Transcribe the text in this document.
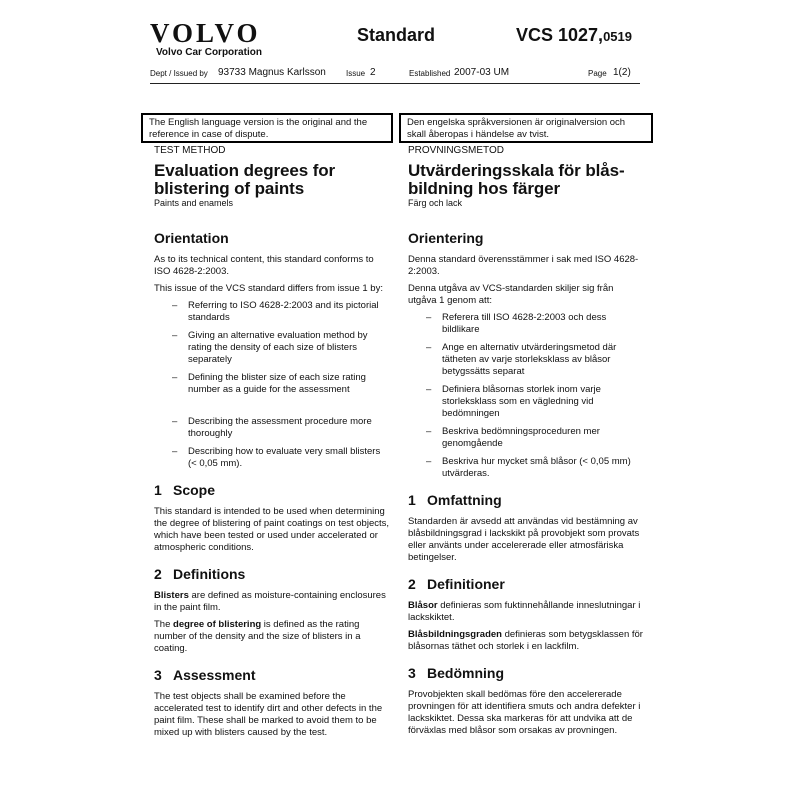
VOLVO
Volvo Car Corporation
Standard	VCS 1027,0519
Dept / Issued by 93733 Magnus Karlsson	Issue 2	Established 2007-03 UM	Page 1(2)
The English language version is the original and the reference in case of dispute.
Den engelska språkversionen är originalversion och skall åberopas i händelse av tvist.
TEST METHOD
Evaluation degrees for blistering of paints
Paints and enamels
Orientation

As to its technical content, this standard conforms to ISO 4628-2:2003.

This issue of the VCS standard differs from issue 1 by:

– Referring to ISO 4628-2:2003 and its pictorial standards
– Giving an alternative evaluation method by rating the density of each size of blisters separately
– Defining the blister size of each size rating number as a guide for the assessment
– Describing the assessment procedure more thoroughly
– Describing how to evaluate very small blisters (< 0,05 mm).
1 Scope

This standard is intended to be used when determining the degree of blistering of paint coatings on test objects, which have been tested or used under accelerated or atmospheric conditions.

2 Definitions

Blisters are defined as moisture-containing enclosures in the paint film.

The degree of blistering is defined as the rating number of the density and the size of blisters in a coating.

3 Assessment

The test objects shall be examined before the accelerated test to identify dirt and other defects in the paint film. These shall be marked to avoid them to be mixed up with blisters caused by the test.

PROVNINGSMETOD
Utvärderingsskala för blåsbildning hos färger
Färg och lack
Orientering

Denna standard överensstämmer i sak med ISO 4628-2:2003.

Denna utgåva av VCS-standarden skiljer sig från utgåva 1 genom att:

– Referera till ISO 4628-2:2003 och dess bildlikare
– Ange en alternativ utvärderingsmetod där tätheten av varje storleksklass av blåsor betygssätts separat
– Definiera blåsornas storlek inom varje storleksklass som en vägledning vid bedömningen
– Beskriva bedömningsproceduren mer genomgående
– Beskriva hur mycket små blåsor (< 0,05 mm) utvärderas.
1 Omfattning

Standarden är avsedd att användas vid bestämning av blåsbildningsgrad i lackskikt på provobjekt som provats eller använts under accelererade eller atmosfäriska betingelser.

2 Definitioner

Blåsor definieras som fuktinnehållande inneslutningar i lackskiktet.

Blåsbildningsgraden definieras som betygsklassen för blåsornas täthet och storlek i en lackfilm.

3 Bedömning

Provobjekten skall bedömas före den accelererade provningen för att identifiera smuts och andra defekter i lackskiktet. Dessa ska markeras för att undvika att de förväxlas med blåsor som orsakas av provningen.
